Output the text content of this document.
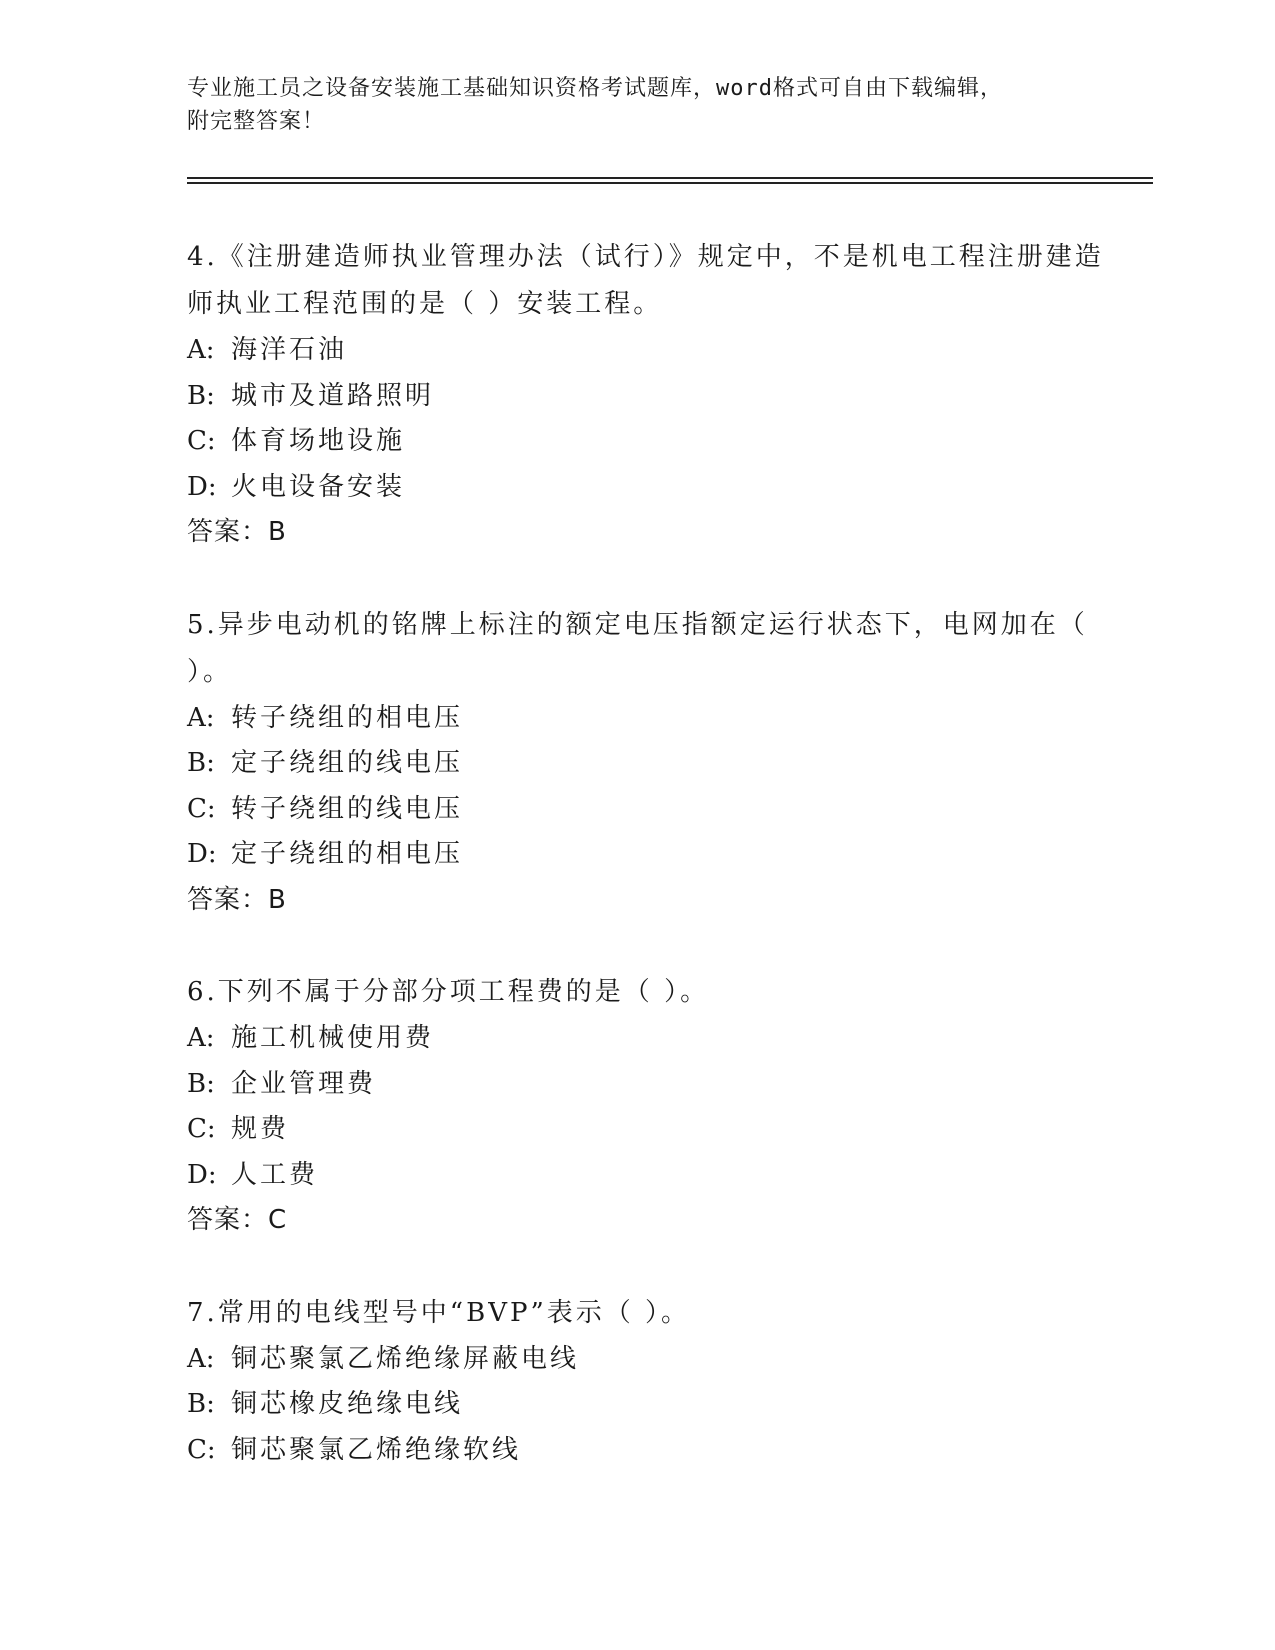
专业施工员之设备安装施工基础知识资格考试题库，word格式可自由下载编辑，
附完整答案！

4.《注册建造师执业管理办法（试行）》规定中，不是机电工程注册建造师执业工程范围的是（ ）安装工程。

A: 海洋石油

B: 城市及道路照明

C: 体育场地设施

D: 火电设备安装

答案：B

5.异步电动机的铭牌上标注的额定电压指额定运行状态下，电网加在（ ）。

A: 转子绕组的相电压

B: 定子绕组的线电压

C: 转子绕组的线电压

D: 定子绕组的相电压

答案：B

6.下列不属于分部分项工程费的是（ ）。

A: 施工机械使用费

B: 企业管理费

C: 规费

D: 人工费

答案：C

7.常用的电线型号中“BVP”表示（ ）。

A: 铜芯聚氯乙烯绝缘屏蔽电线

B: 铜芯橡皮绝缘电线

C: 铜芯聚氯乙烯绝缘软线
